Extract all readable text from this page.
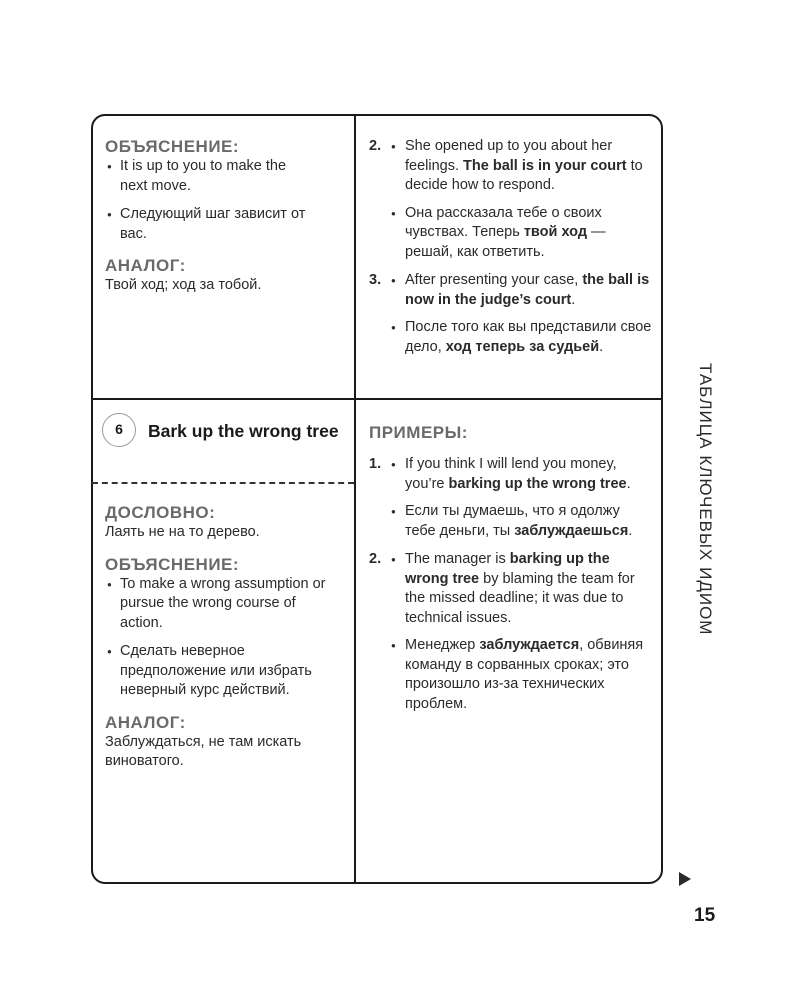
ОБЪЯСНЕНИЕ:
● It is up to you to make the next move.
● Следующий шаг зависит от вас.
АНАЛОГ:
Твой ход; ход за тобой.
2. ● She opened up to you about her feelings. The ball is in your court to decide how to respond.
● Она рассказала тебе о своих чувствах. Теперь твой ход — решай, как ответить.
3. ● After presenting your case, the ball is now in the judge’s court.
● После того как вы представили свое дело, ход теперь за судьей.
6	Bark up the wrong tree
ДОСЛОВНО:
Лаять не на то дерево.
ОБЪЯСНЕНИЕ:
● To make a wrong assumption or pursue the wrong course of action.
● Сделать неверное предположение или избрать неверный курс действий.
АНАЛОГ:
Заблуждаться, не там искать виноватого.
ПРИМЕРЫ:
1. ● If you think I will lend you money, you’re barking up the wrong tree.
● Если ты думаешь, что я одолжу тебе деньги, ты заблуждаешься.
2. ● The manager is barking up the wrong tree by blaming the team for the missed deadline; it was due to technical issues.
● Менеджер заблуждается, обвиняя команду в сорванных сроках; это произошло из-за технических проблем.
ТАБЛИЦА КЛЮЧЕВЫХ ИДИОМ
15
